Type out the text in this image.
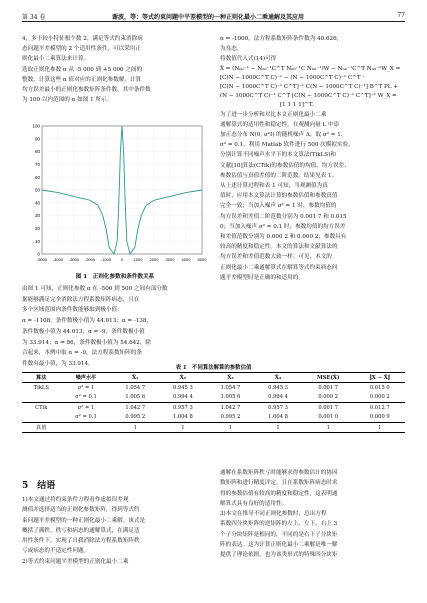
第 34 卷	谢波，等：等式约束问题中平差模型的一种正则化最小二乘通解及其应用	77

4，多于较小特征根个数 2，满足等式约束消除病

态问题平差模型的 2 个适用性条件，可以采用正

则化最小二乘算法来计算。

选取正则化参数 α 从 -5 000 到 +5 000 之间的

整数，计算这些 α 值对应的正则化参数解，计算

均方误差最小的正则化参数矩阵条件数，其中条件数

为 100 以内范围的 α 如图 1 所示。

0
10
20
30
40
50
60
70
80
90
100
-5000 -4000 -3000 -2000 -1000 0	1000 2000 3000 4000 5000
图 1　正则化参数和条件数关系

由图 1 可知，正则化参数 α 在 -500 到 500 之间有部分数

据能够满足完全消除法方程系数矩阵病态，且在

多个区域范围内条件数能够取到极小值：

α = -1108，条件数极小值为 44.013；α = -138，

条件数极小值为 44.013；α = -9，条件数极小值

为 33.914；α = 86，条件数极小值为 54.642。除

合起来，本例中取 α = -9，法方程系数矩阵的条

件数有最小值，为 33.914。

α = -1000，法方程系数矩阵条件数为 40.626，

为良态。

将数值代入式(14)可得

X̂ = (N₀₀⁻¹ − N₀₀⁻¹C^T N₀₀⁻¹C N₀₀⁻¹)W − N₀₀⁻¹C^T N₀₀⁻¹W_X =
[C(N − 1000C^T C)⁻¹ − (N − 1000C^T C)⁻¹ C^T ·
[C(N − 1000C^T C)⁻¹ C^T]⁻¹ C(N − 1000C^T C)⁻¹] B^T PL +
(N − 1000C^T C)⁻¹ C^T [C(N − 1000C^T C)⁻¹ C^T]⁻¹ W_X =
[1 1 1 1]^T。

为了进一步分析和对比本文正则化最小二乘

通解算式的适用性和稳定性，在观测向量 L 中添

加正态分布 N(0, σ²I) 的随机噪声 Δ，取 σ² = 1、

σ² = 0.1，利用 Matlab 软件进行 500 次模拟实验，

分别计算不同噪声水平下的本文算法(TikLS)和

文献[10]算法(CTik)的参数估值的均值、均方误差、

参数估值与真值差值的二阶范数。结果见表 1。

从上述计算过程和表 1 可知，当观测值为真

值时，应用本文算法计算的参数估值和参数真值

完全一致；当加入噪声 σ² = 1 时，参数均值的

均方误差和差值二阶范数分别为 0.001 7 和 0.015

0；当加入噪声 σ² = 0.1 时，参数均值的均方误差

和差值范数分别为 0.000 2 和 0.000 2，参数具有

较高的精度和稳定性。本文的算法和文献算法的

均方误差和差值范数大致一样。可见，本文的

正则化最小二乘通解算式在解算等式约束病态问

题平差模型时是正确的和适用的。

表 1　不同算法解算的参数估值
算法	噪声水平	X̂₁	X̂₂	X̂₃	X̂₄	MSE(X̂)	‖X − X̂‖
TikLS	σ² = 1	1.054 7	0.945 3	1.054 7	0.945 3	0.001 7	0.015 0
	σ² = 0.1	1.005 6	0.994 4	1.005 6	0.994 4	0.000 2	0.000 2
CTik	σ² = 1	1.042 7	0.957 3	1.042 7	0.957 3	0.001 7	0.012 7
	σ² = 0.1	0.995 2	1.004 8	0.995 2	1.004 8	0.001 0	0.000 9
真值		1	1	1	1	1	1
5　结语

1)本文通过将约束条件方程看作虚拟误差观

测值并选择适当的正则化参数矩阵，得到等式约

束问题平差模型的一种正则化最小二乘解。该式是

概括了满秩、秩亏和病态的通解算式，在满足适

用性条件下，实现了自我消除法方程系数矩阵秩

亏或病态的不适定性问题。

2)等式约束问题平差模型的正则化最小二乘

通解在系数矩阵秩亏时能够求得参数估计的协因

数矩阵和进行精度评定，且在系数矩阵病态时求

得的参数估值有较高的精度和稳定性，这表明通

解算式具有良好的适用性。

3)本文在推导不同正则化参数时，总出方程

系数四分块矩阵的逆矩阵的左上、左下、右上 3

个子分块矩阵是相同的，不同的是右下子分块矩

阵的表达。这为计算正则化最小二乘解是唯一解

提供了理论依据，也为该类形式的特殊四分块矩
